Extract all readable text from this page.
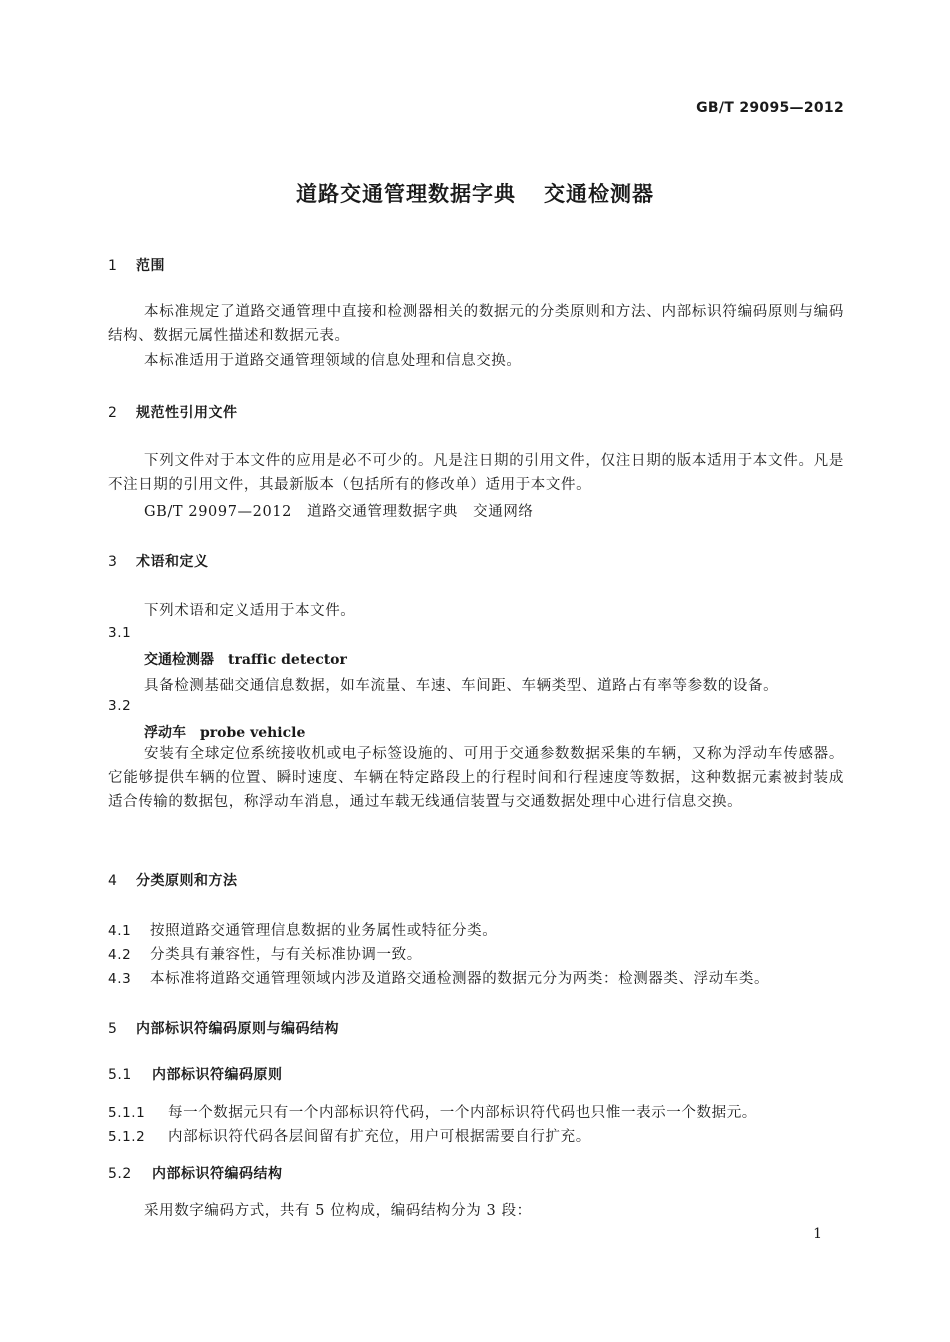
GB/T 29095—2012
道路交通管理数据字典 交通检测器
1 范围
本标准规定了道路交通管理中直接和检测器相关的数据元的分类原则和方法、内部标识符编码原则与编码结构、数据元属性描述和数据元表。
本标准适用于道路交通管理领域的信息处理和信息交换。
2 规范性引用文件
下列文件对于本文件的应用是必不可少的。凡是注日期的引用文件，仅注日期的版本适用于本文件。凡是不注日期的引用文件，其最新版本（包括所有的修改单）适用于本文件。
GB/T 29097—2012　道路交通管理数据字典　交通网络
3 术语和定义
下列术语和定义适用于本文件。
3.1
交通检测器 traffic detector
具备检测基础交通信息数据，如车流量、车速、车间距、车辆类型、道路占有率等参数的设备。
3.2
浮动车 probe vehicle
安装有全球定位系统接收机或电子标签设施的、可用于交通参数数据采集的车辆，又称为浮动车传感器。它能够提供车辆的位置、瞬时速度、车辆在特定路段上的行程时间和行程速度等数据，这种数据元素被封装成适合传输的数据包，称浮动车消息，通过车载无线通信装置与交通数据处理中心进行信息交换。
4 分类原则和方法
4.1 按照道路交通管理信息数据的业务属性或特征分类。
4.2 分类具有兼容性，与有关标准协调一致。
4.3 本标准将道路交通管理领域内涉及道路交通检测器的数据元分为两类：检测器类、浮动车类。
5 内部标识符编码原则与编码结构
5.1 内部标识符编码原则
5.1.1 每一个数据元只有一个内部标识符代码，一个内部标识符代码也只惟一表示一个数据元。
5.1.2 内部标识符代码各层间留有扩充位，用户可根据需要自行扩充。
5.2 内部标识符编码结构
采用数字编码方式，共有 5 位构成，编码结构分为 3 段：
1
